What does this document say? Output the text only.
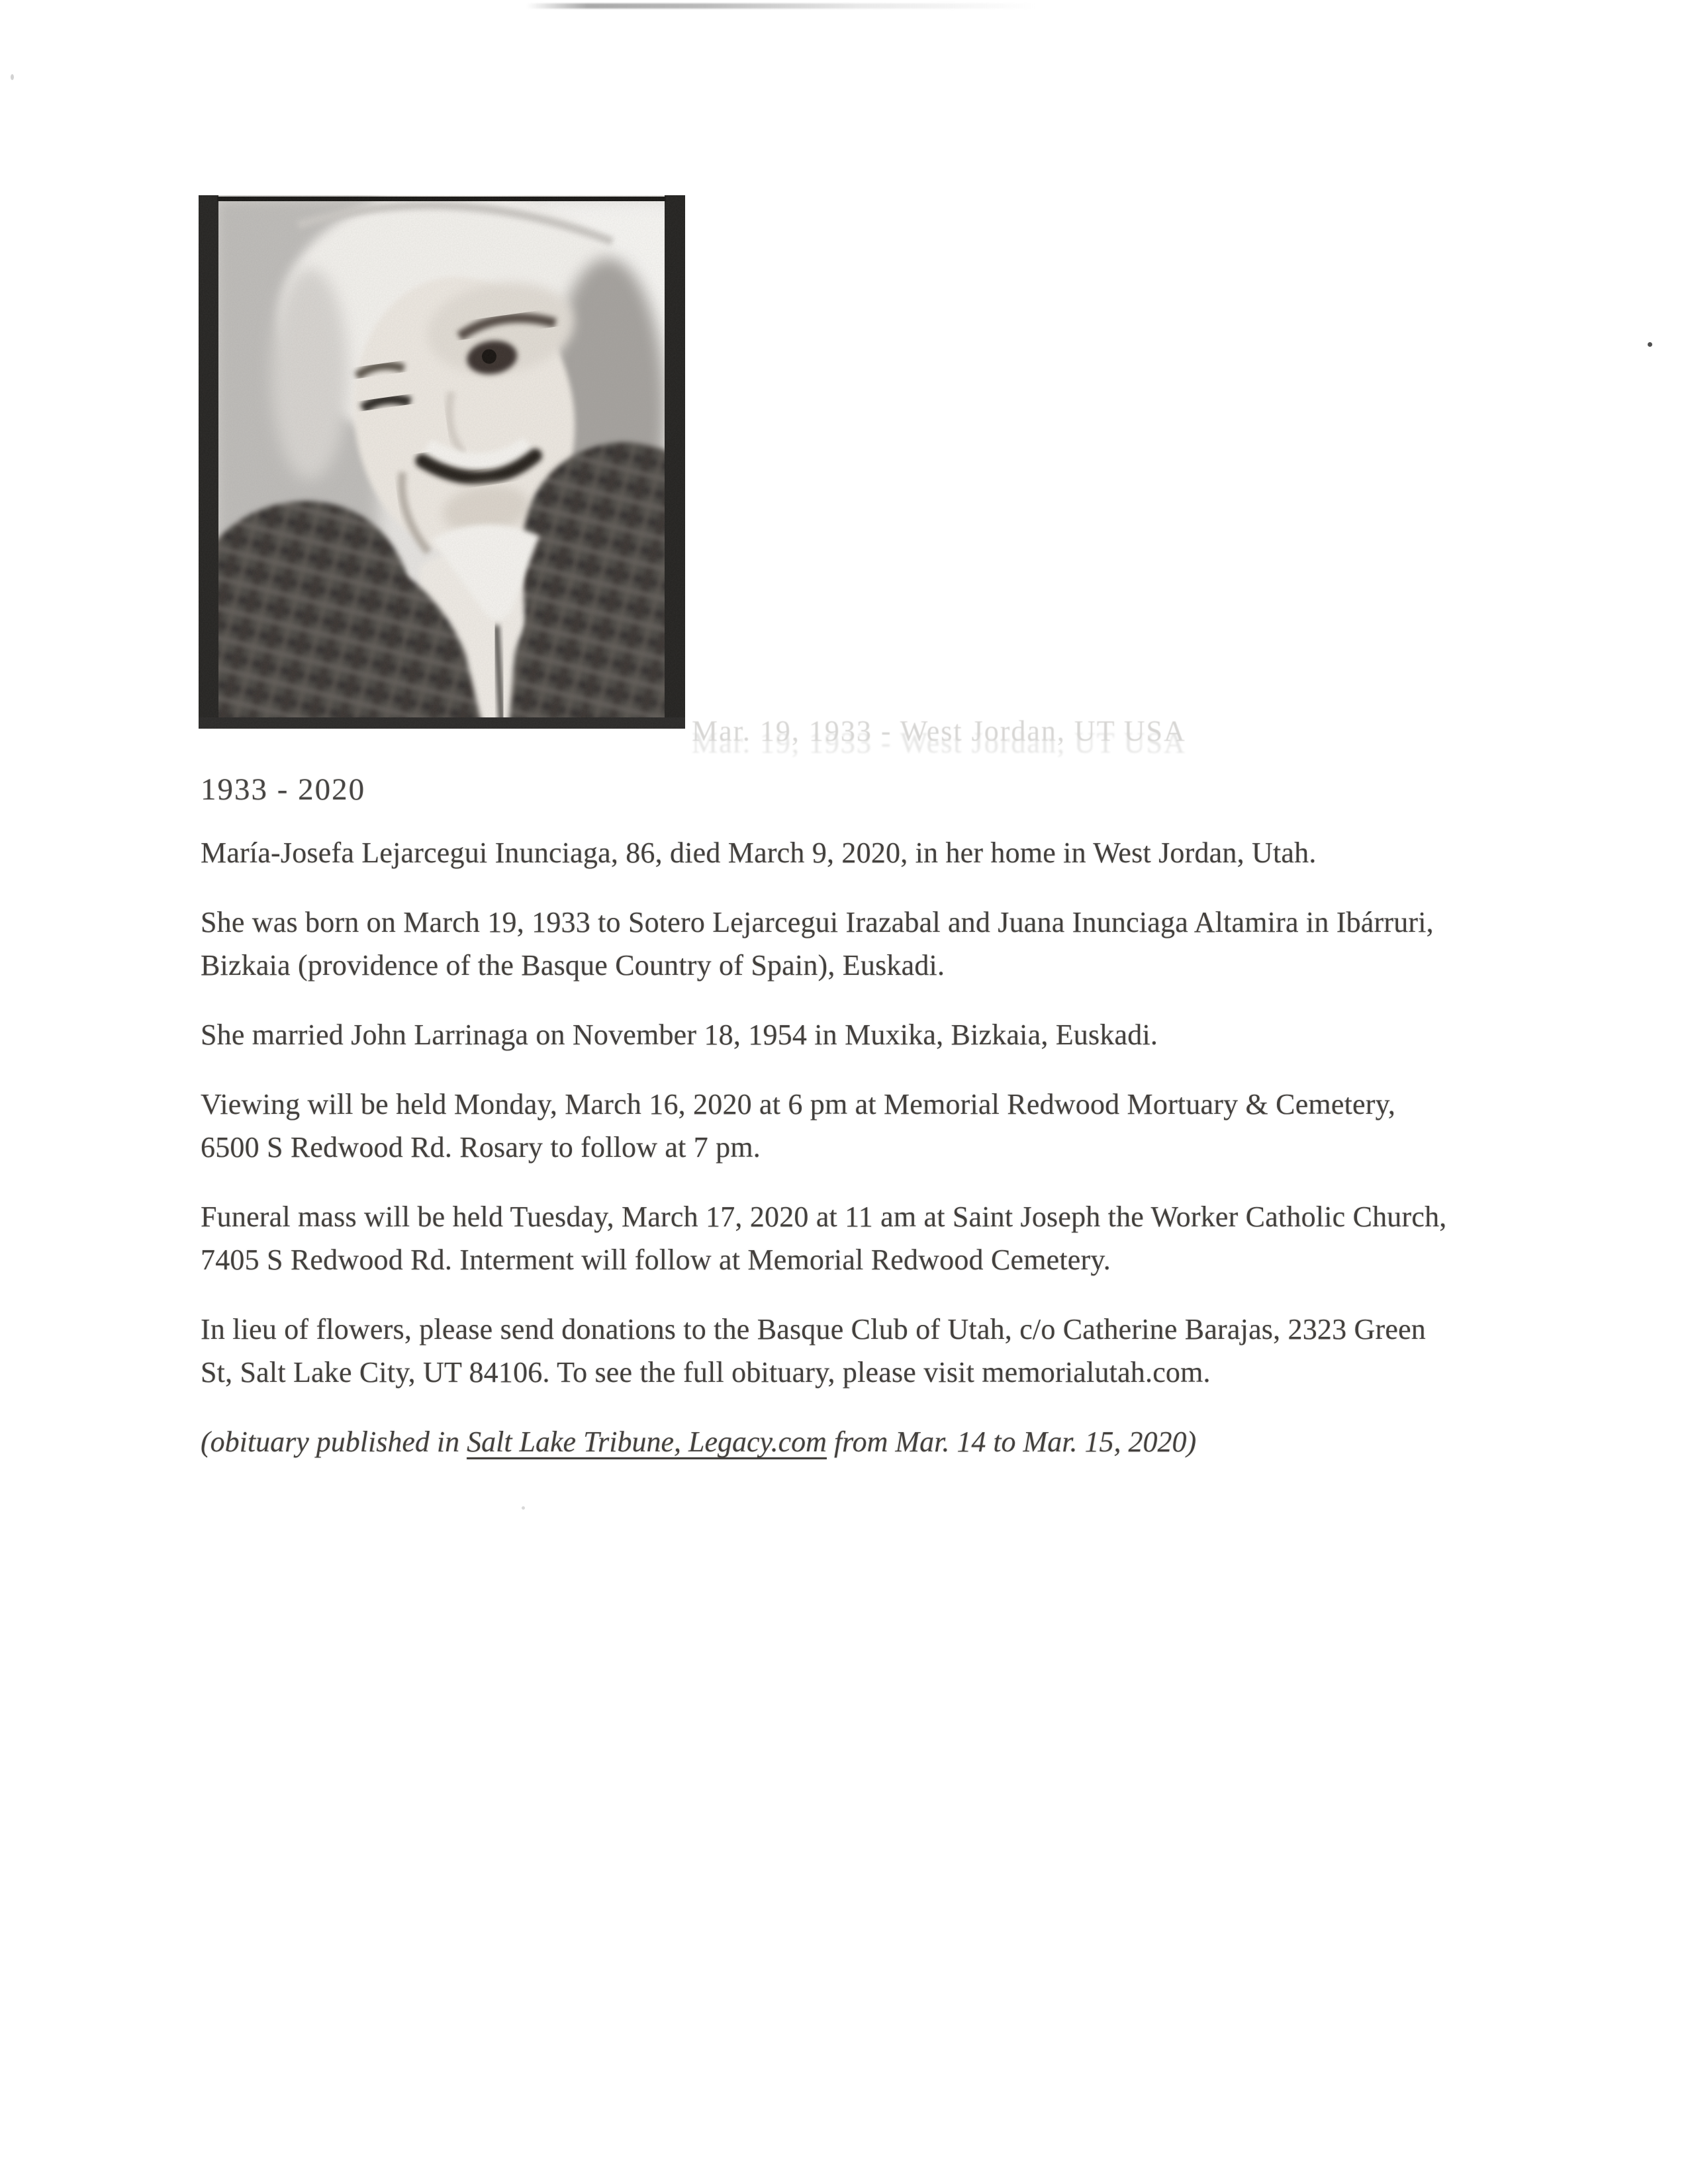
Mar. 19, 1933 - West Jordan, UT USA
1933 - 2020
María-Josefa Lejarcegui Inunciaga, 86, died March 9, 2020, in her home in West Jordan, Utah.
She was born on March 19, 1933 to Sotero Lejarcegui Irazabal and Juana Inunciaga Altamira in Ibárruri,
Bizkaia (providence of the Basque Country of Spain), Euskadi.
She married John Larrinaga on November 18, 1954 in Muxika, Bizkaia, Euskadi.
Viewing will be held Monday, March 16, 2020 at 6 pm at Memorial Redwood Mortuary & Cemetery,
6500 S Redwood Rd. Rosary to follow at 7 pm.
Funeral mass will be held Tuesday, March 17, 2020 at 11 am at Saint Joseph the Worker Catholic Church,
7405 S Redwood Rd. Interment will follow at Memorial Redwood Cemetery.
In lieu of flowers, please send donations to the Basque Club of Utah, c/o Catherine Barajas, 2323 Green
St, Salt Lake City, UT 84106. To see the full obituary, please visit memorialutah.com.
(obituary published in Salt Lake Tribune, Legacy.com from Mar. 14 to Mar. 15, 2020)
